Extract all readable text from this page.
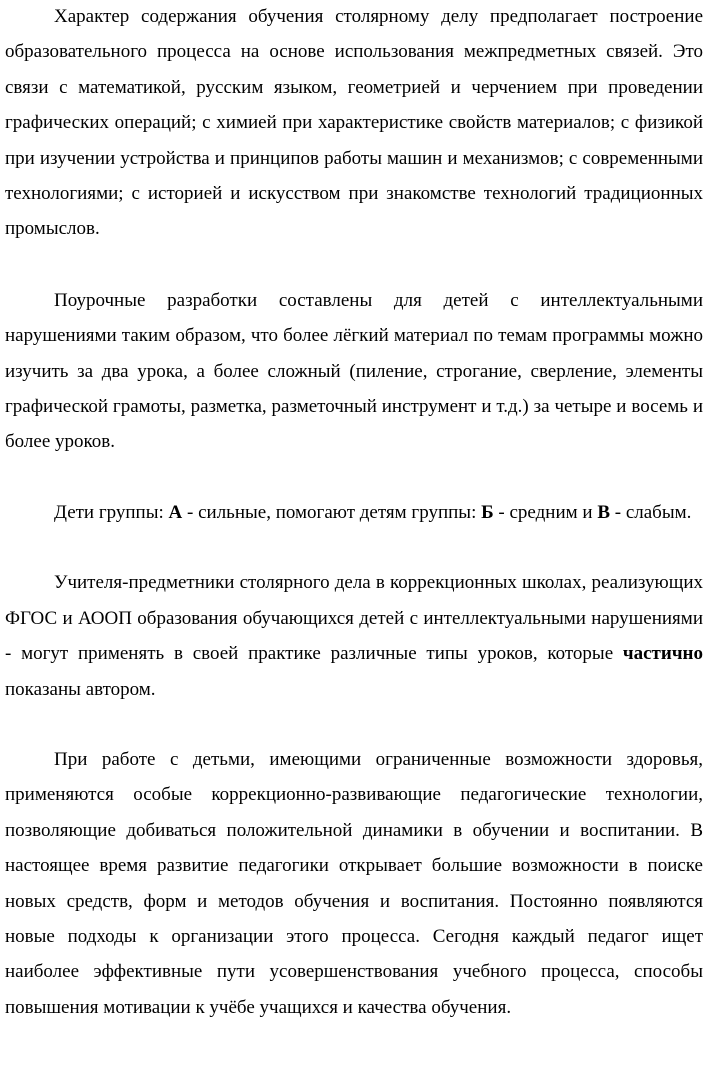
Характер содержания обучения столярному делу предполагает построение образовательного процесса на основе использования межпредметных связей. Это связи с математикой, русским языком, геометрией и черчением при проведении графических операций; с химией при характеристике свойств материалов; с физикой при изучении устройства и принципов работы машин и механизмов; с современными технологиями; с историей и искусством при знакомстве технологий традиционных промыслов.

Поурочные разработки составлены для детей с интеллектуальными нарушениями таким образом, что более лёгкий материал по темам программы можно изучить за два урока, а более сложный (пиление, строгание, сверление, элементы графической грамоты, разметка, разметочный инструмент и т.д.) за четыре и восемь и более уроков.

Дети группы: А - сильные, помогают детям группы: Б - средним и В - слабым.

Учителя-предметники столярного дела в коррекционных школах, реализующих ФГОС и АООП образования обучающихся детей с интеллектуальными нарушениями - могут применять в своей практике различные типы уроков, которые частично показаны автором.

При работе с детьми, имеющими ограниченные возможности здоровья, применяются особые коррекционно-развивающие педагогические технологии, позволяющие добиваться положительной динамики в обучении и воспитании. В настоящее время развитие педагогики открывает большие возможности в поиске новых средств, форм и методов обучения и воспитания. Постоянно появляются новые подходы к организации этого процесса. Сегодня каждый педагог ищет наиболее эффективные пути усовершенствования учебного процесса, способы повышения мотивации к учёбе учащихся и качества обучения.
